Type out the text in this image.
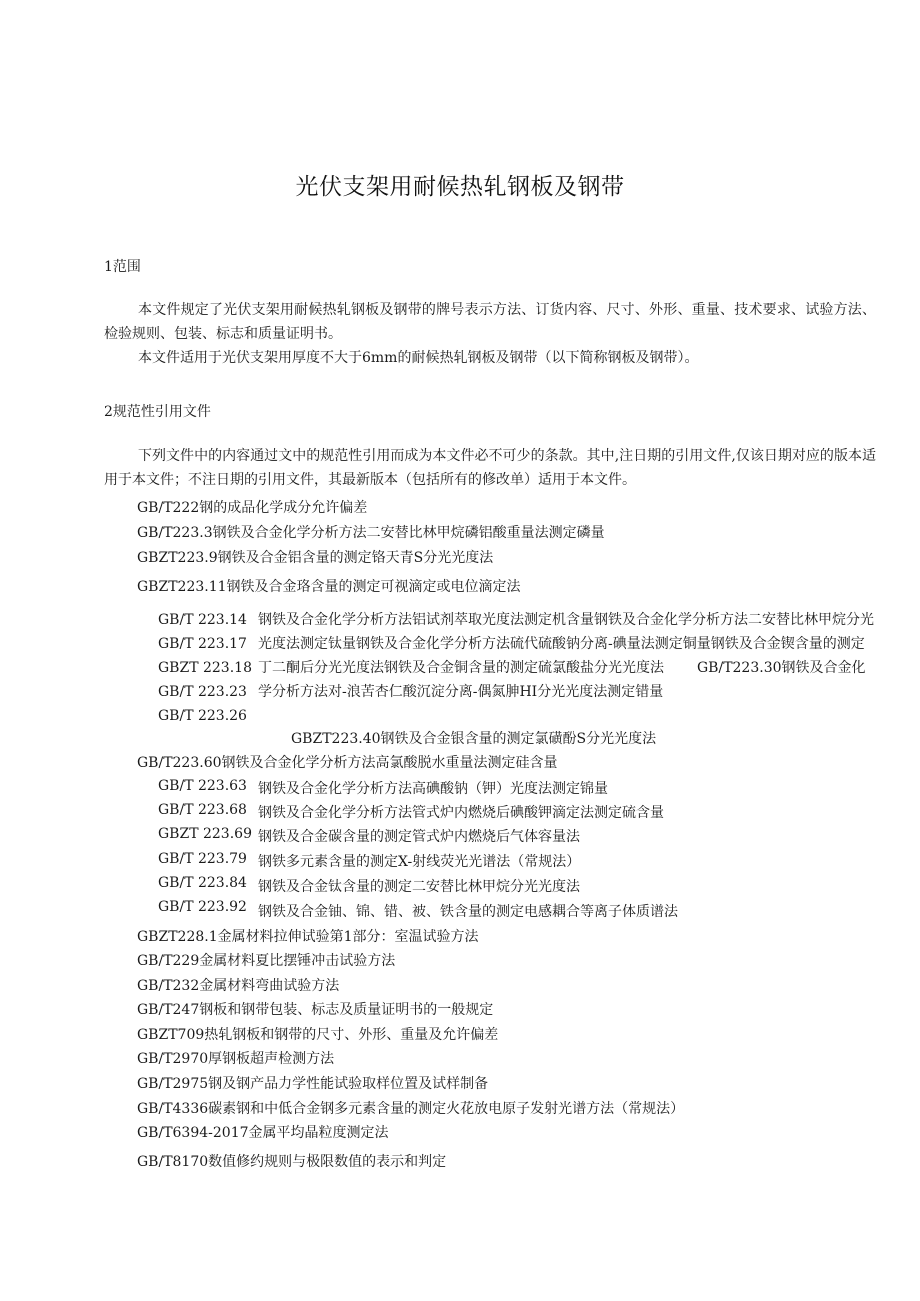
光伏支架用耐候热轧钢板及钢带
1范围
本文件规定了光伏支架用耐候热轧钢板及钢带的牌号表示方法、订货内容、尺寸、外形、重量、技术要求、试验方法、检验规则、包装、标志和质量证明书。
本文件适用于光伏支架用厚度不大于6mm的耐候热轧钢板及钢带（以下简称钢板及钢带）。
2规范性引用文件
下列文件中的内容通过文中的规范性引用而成为本文件必不可少的条款。其中,注日期的引用文件,仅该日期对应的版本适用于本文件；不注日期的引用文件，其最新版本（包括所有的修改单）适用于本文件。
GB/T222钢的成品化学成分允许偏差
GB/T223.3钢铁及合金化学分析方法二安替比林甲烷磷铝酸重量法测定磷量
GBZT223.9钢铁及合金铝含量的测定铬天青S分光光度法
GBZT223.11钢铁及合金珞含量的测定可视滴定或电位滴定法
GB/T 223.14
GB/T 223.17
GBZT 223.18
GB/T 223.23
GB/T 223.26
钢铁及合金化学分析方法铝试剂萃取光度法测定机含量钢铁及合金化学分析方法二安替比林甲烷分光光度法测定钛量钢铁及合金化学分析方法硫代硫酸钠分离-碘量法测定铜量钢铁及合金锲含量的测定丁二酮后分光光度法钢铁及合金铜含量的测定硫氯酸盐分光光度法 GB/T223.30钢铁及合金化学分析方法对-浪苦杏仁酸沉淀分离-偶氮胂HI分光光度法测定错量
GBZT223.40钢铁及合金银含量的测定氯磺酚S分光光度法
GB/T223.60钢铁及合金化学分析方法高氯酸脱水重量法测定硅含量
GB/T 223.63 钢铁及合金化学分析方法高碘酸钠（钾）光度法测定锦量
GB/T 223.68 钢铁及合金化学分析方法管式炉内燃烧后碘酸钾滴定法测定硫含量
GBZT 223.69 钢铁及合金碳含量的测定管式炉内燃烧后气体容量法
GB/T 223.79 钢铁多元素含量的测定X-射线荧光光谱法（常规法）
GB/T 223.84 钢铁及合金钛含量的测定二安替比林甲烷分光光度法
GB/T 223.92 钢铁及合金铀、锦、错、被、铁含量的测定电感耦合等离子体质谱法
GBZT228.1金属材料拉伸试验第1部分：室温试验方法
GB/T229金属材料夏比摆锤冲击试验方法
GB/T232金属材料弯曲试验方法
GB/T247钢板和钢带包装、标志及质量证明书的一般规定
GBZT709热轧钢板和钢带的尺寸、外形、重量及允许偏差
GB/T2970厚钢板超声检测方法
GB/T2975钢及钢产品力学性能试验取样位置及试样制备
GB/T4336碳素钢和中低合金钢多元素含量的测定火花放电原子发射光谱方法（常规法）
GB/T6394-2017金属平均晶粒度测定法
GB/T8170数值修约规则与极限数值的表示和判定
